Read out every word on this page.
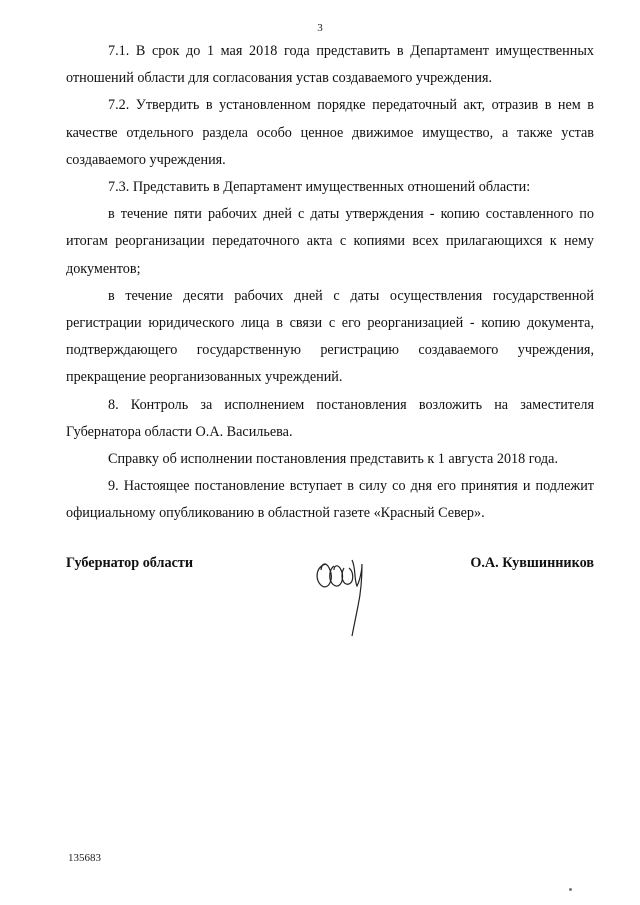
3

7.1. В срок до 1 мая 2018 года представить в Департамент имущественных отношений области для согласования устав создаваемого учреждения.

7.2. Утвердить в установленном порядке передаточный акт, отразив в нем в качестве отдельного раздела особо ценное движимое имущество, а также устав создаваемого учреждения.

7.3. Представить в Департамент имущественных отношений области:

в течение пяти рабочих дней с даты утверждения - копию составленного по итогам реорганизации передаточного акта с копиями всех прилагающихся к нему документов;

в течение десяти рабочих дней с даты осуществления государственной регистрации юридического лица в связи с его реорганизацией - копию документа, подтверждающего государственную регистрацию создаваемого учреждения, прекращение реорганизованных учреждений.

8. Контроль за исполнением постановления возложить на заместителя Губернатора области О.А. Васильева.

Справку об исполнении постановления представить к 1 августа 2018 года.

9. Настоящее постановление вступает в силу со дня его принятия и подлежит официальному опубликованию в областной газете «Красный Север».

Губернатор области	О.А. Кувшинников
135683
